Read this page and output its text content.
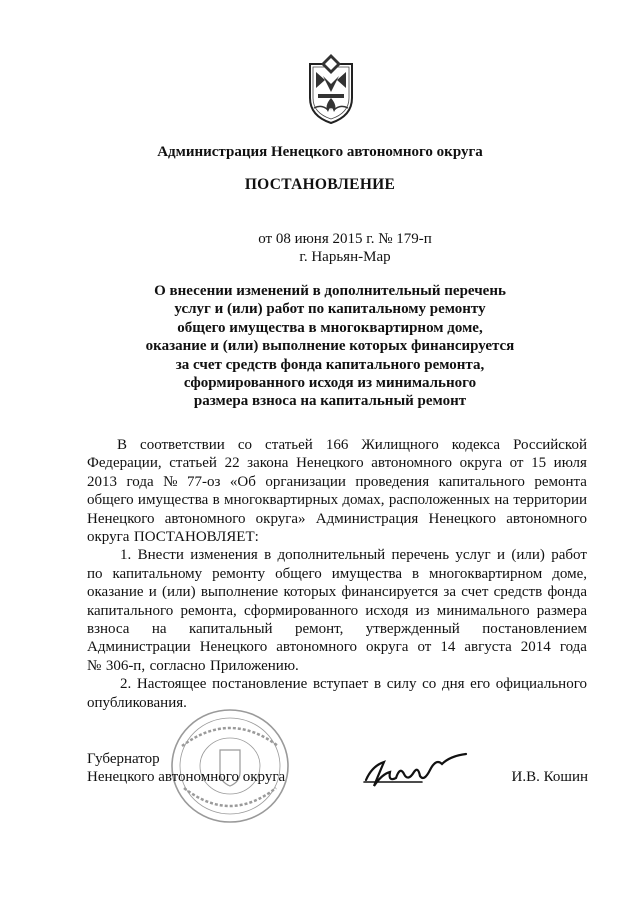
Администрация Ненецкого автономного округа
ПОСТАНОВЛЕНИЕ
от 08 июня 2015 г. № 179-п
г. Нарьян-Мар
О внесении изменений в дополнительный перечень
услуг и (или) работ по капитальному ремонту
общего имущества в многоквартирном доме,
оказание и (или) выполнение которых финансируется
за счет средств фонда капитального ремонта,
сформированного исходя из минимального
размера взноса на капитальный ремонт
В соответствии со статьей 166 Жилищного кодекса Российской
Федерации, статьей 22 закона Ненецкого автономного округа от 15 июля
2013 года № 77-оз «Об организации проведения капитального ремонта
общего имущества в многоквартирных домах, расположенных на территории
Ненецкого автономного округа» Администрация Ненецкого автономного
округа ПОСТАНОВЛЯЕТ:
1. Внести изменения в дополнительный перечень услуг и (или) работ
по капитальному ремонту общего имущества в многоквартирном доме,
оказание и (или) выполнение которых финансируется за счет средств фонда
капитального ремонта, сформированного исходя из минимального размера
взноса на капитальный ремонт, утвержденный постановлением
Администрации Ненецкого автономного округа от 14 августа 2014 года
№ 306-п, согласно Приложению.
2. Настоящее постановление вступает в силу со дня его официального
опубликования.
Губернатор
Ненецкого автономного округа	И.В. Кошин
